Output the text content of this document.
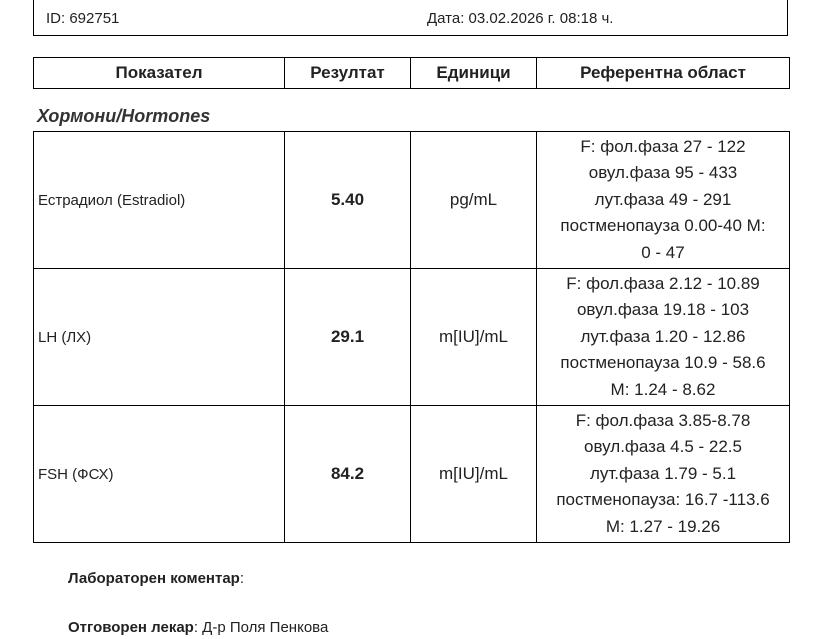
ID: 692751	Дата: 03.02.2026 г. 08:18 ч.
Показател	Резултат	Единици	Референтна област
Хормони/Hormones
Естрадиол (Estradiol)	5.40	pg/mL	F: фол.фаза 27 - 122
овул.фаза 95 - 433
лут.фаза 49 - 291
постменопауза 0.00-40 M:
0 - 47

LH (ЛХ)	29.1	m[IU]/mL	F: фол.фаза 2.12 - 10.89
овул.фаза 19.18 - 103
лут.фаза 1.20 - 12.86
постменопауза 10.9 - 58.6
M: 1.24 - 8.62

FSH (ФСХ)	84.2	m[IU]/mL	F: фол.фаза 3.85-8.78
овул.фаза 4.5 - 22.5
лут.фаза 1.79 - 5.1
постменопауза: 16.7 -113.6
M: 1.27 - 19.26
Лабораторен коментар:
Отговорен лекар: Д-р Поля Пенкова
